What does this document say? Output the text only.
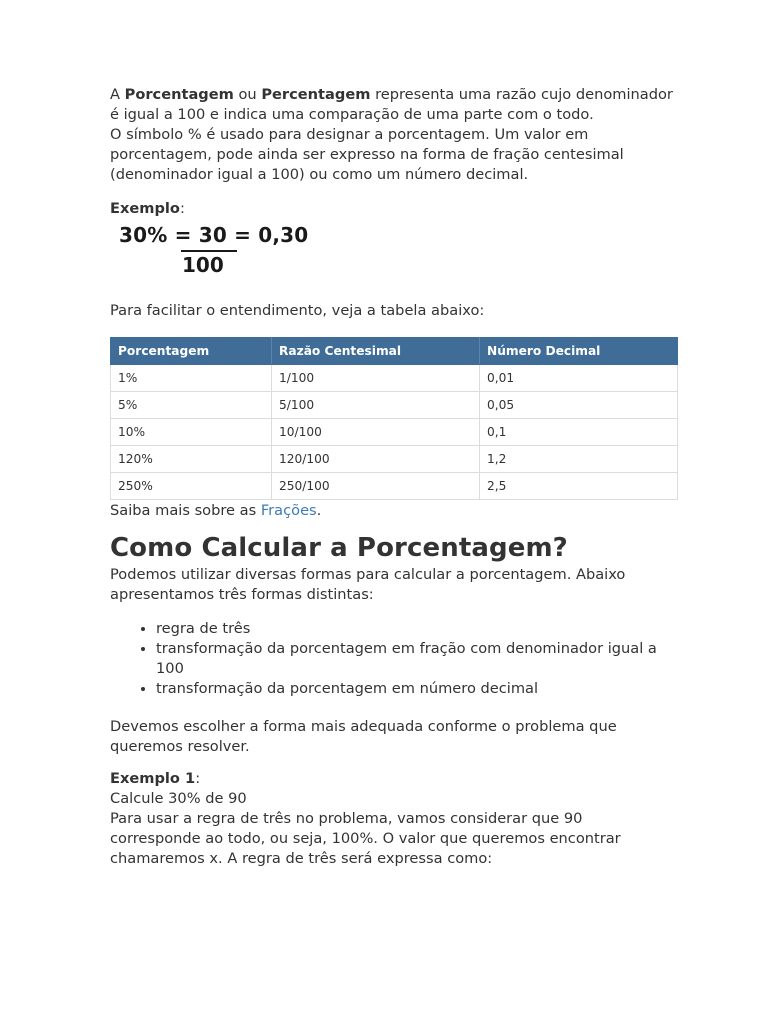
A Porcentagem ou Percentagem representa uma razão cujo denominador
é igual a 100 e indica uma comparação de uma parte com o todo.
O símbolo % é usado para designar a porcentagem. Um valor em
porcentagem, pode ainda ser expresso na forma de fração centesimal
(denominador igual a 100) ou como um número decimal.

Exemplo:

30% = 30 = 0,30
100

Para facilitar o entendimento, veja a tabela abaixo:

Porcentagem	Razão Centesimal	Número Decimal
1%	1/100	0,01
5%	5/100	0,05
10%	10/100	0,1
120%	120/100	1,2
250%	250/100	2,5

Saiba mais sobre as Frações.

Como Calcular a Porcentagem?

Podemos utilizar diversas formas para calcular a porcentagem. Abaixo
apresentamos três formas distintas:

• regra de três
• transformação da porcentagem em fração com denominador igual a 100
• transformação da porcentagem em número decimal

Devemos escolher a forma mais adequada conforme o problema que
queremos resolver.

Exemplo 1:
Calcule 30% de 90
Para usar a regra de três no problema, vamos considerar que 90
corresponde ao todo, ou seja, 100%. O valor que queremos encontrar
chamaremos x. A regra de três será expressa como:
